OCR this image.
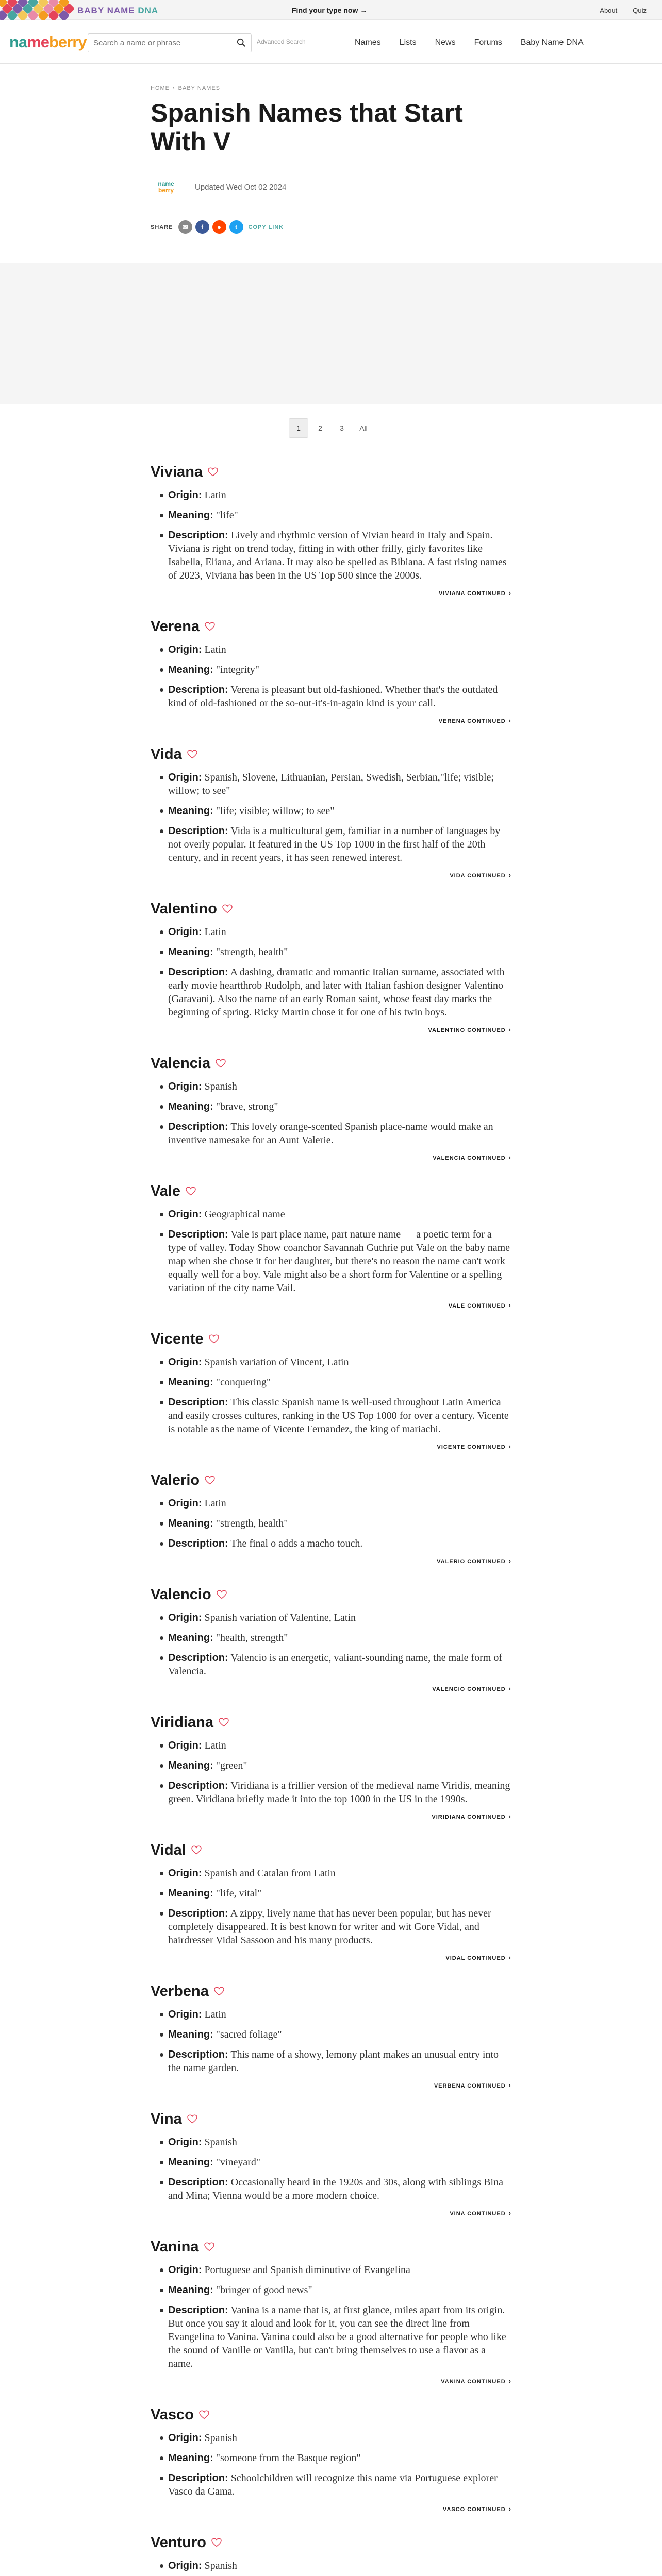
BABY NAME DNA	Find your type now →	About Quiz
nameberry
Search a name or phrase	Advanced Search	Names Lists News Forums Baby Name DNA
HOME › BABY NAMES
Spanish Names that Start With V
name
berry	Updated Wed Oct 02 2024
SHARE	✉	f	●	t	COPY LINK
1	2	3	All
Viviana
Origin: Latin
Meaning: "life"
Description: Lively and rhythmic version of Vivian heard in Italy and Spain. Viviana is right on trend today, fitting in with other frilly, girly favorites like Isabella, Eliana, and Ariana. It may also be spelled as Bibiana. A fast rising names of 2023, Viviana has been in the US Top 500 since the 2000s.
VIVIANA CONTINUED ›
Verena
Origin: Latin
Meaning: "integrity"
Description: Verena is pleasant but old-fashioned. Whether that's the outdated kind of old-fashioned or the so-out-it's-in-again kind is your call.
VERENA CONTINUED ›
Vida
Origin: Spanish, Slovene, Lithuanian, Persian, Swedish, Serbian,"life; visible; willow; to see"
Meaning: "life; visible; willow; to see"
Description: Vida is a multicultural gem, familiar in a number of languages by not overly popular. It featured in the US Top 1000 in the first half of the 20th century, and in recent years, it has seen renewed interest.
VIDA CONTINUED ›
Valentino
Origin: Latin
Meaning: "strength, health"
Description: A dashing, dramatic and romantic Italian surname, associated with early movie heartthrob Rudolph, and later with Italian fashion designer Valentino (Garavani). Also the name of an early Roman saint, whose feast day marks the beginning of spring. Ricky Martin chose it for one of his twin boys.
VALENTINO CONTINUED ›
Valencia
Origin: Spanish
Meaning: "brave, strong"
Description: This lovely orange-scented Spanish place-name would make an inventive namesake for an Aunt Valerie.
VALENCIA CONTINUED ›
Vale
Origin: Geographical name
Description: Vale is part place name, part nature name — a poetic term for a type of valley. Today Show coanchor Savannah Guthrie put Vale on the baby name map when she chose it for her daughter, but there's no reason the name can't work equally well for a boy. Vale might also be a short form for Valentine or a spelling variation of the city name Vail.
VALE CONTINUED ›
Vicente
Origin: Spanish variation of Vincent, Latin
Meaning: "conquering"
Description: This classic Spanish name is well-used throughout Latin America and easily crosses cultures, ranking in the US Top 1000 for over a century. Vicente is notable as the name of Vicente Fernandez, the king of mariachi.
VICENTE CONTINUED ›
Valerio
Origin: Latin
Meaning: "strength, health"
Description: The final o adds a macho touch.
VALERIO CONTINUED ›
Valencio
Origin: Spanish variation of Valentine, Latin
Meaning: "health, strength"
Description: Valencio is an energetic, valiant-sounding name, the male form of Valencia.
VALENCIO CONTINUED ›
Viridiana
Origin: Latin
Meaning: "green"
Description: Viridiana is a frillier version of the medieval name Viridis, meaning green. Viridiana briefly made it into the top 1000 in the US in the 1990s.
VIRIDIANA CONTINUED ›
Vidal
Origin: Spanish and Catalan from Latin
Meaning: "life, vital"
Description: A zippy, lively name that has never been popular, but has never completely disappeared. It is best known for writer and wit Gore Vidal, and hairdresser Vidal Sassoon and his many products.
VIDAL CONTINUED ›
Verbena
Origin: Latin
Meaning: "sacred foliage"
Description: This name of a showy, lemony plant makes an unusual entry into the name garden.
VERBENA CONTINUED ›
Vina
Origin: Spanish
Meaning: "vineyard"
Description: Occasionally heard in the 1920s and 30s, along with siblings Bina and Mina; Vienna would be a more modern choice.
VINA CONTINUED ›
Vanina
Origin: Portuguese and Spanish diminutive of Evangelina
Meaning: "bringer of good news"
Description: Vanina is a name that is, at first glance, miles apart from its origin. But once you say it aloud and look for it, you can see the direct line from Evangelina to Vanina. Vanina could also be a good alternative for people who like the sound of Vanille or Vanilla, but can't bring themselves to use a flavor as a name.
VANINA CONTINUED ›
Vasco
Origin: Spanish
Meaning: "someone from the Basque region"
Description: Schoolchildren will recognize this name via Portuguese explorer Vasco da Gama.
VASCO CONTINUED ›
Venturo
Origin: Spanish
